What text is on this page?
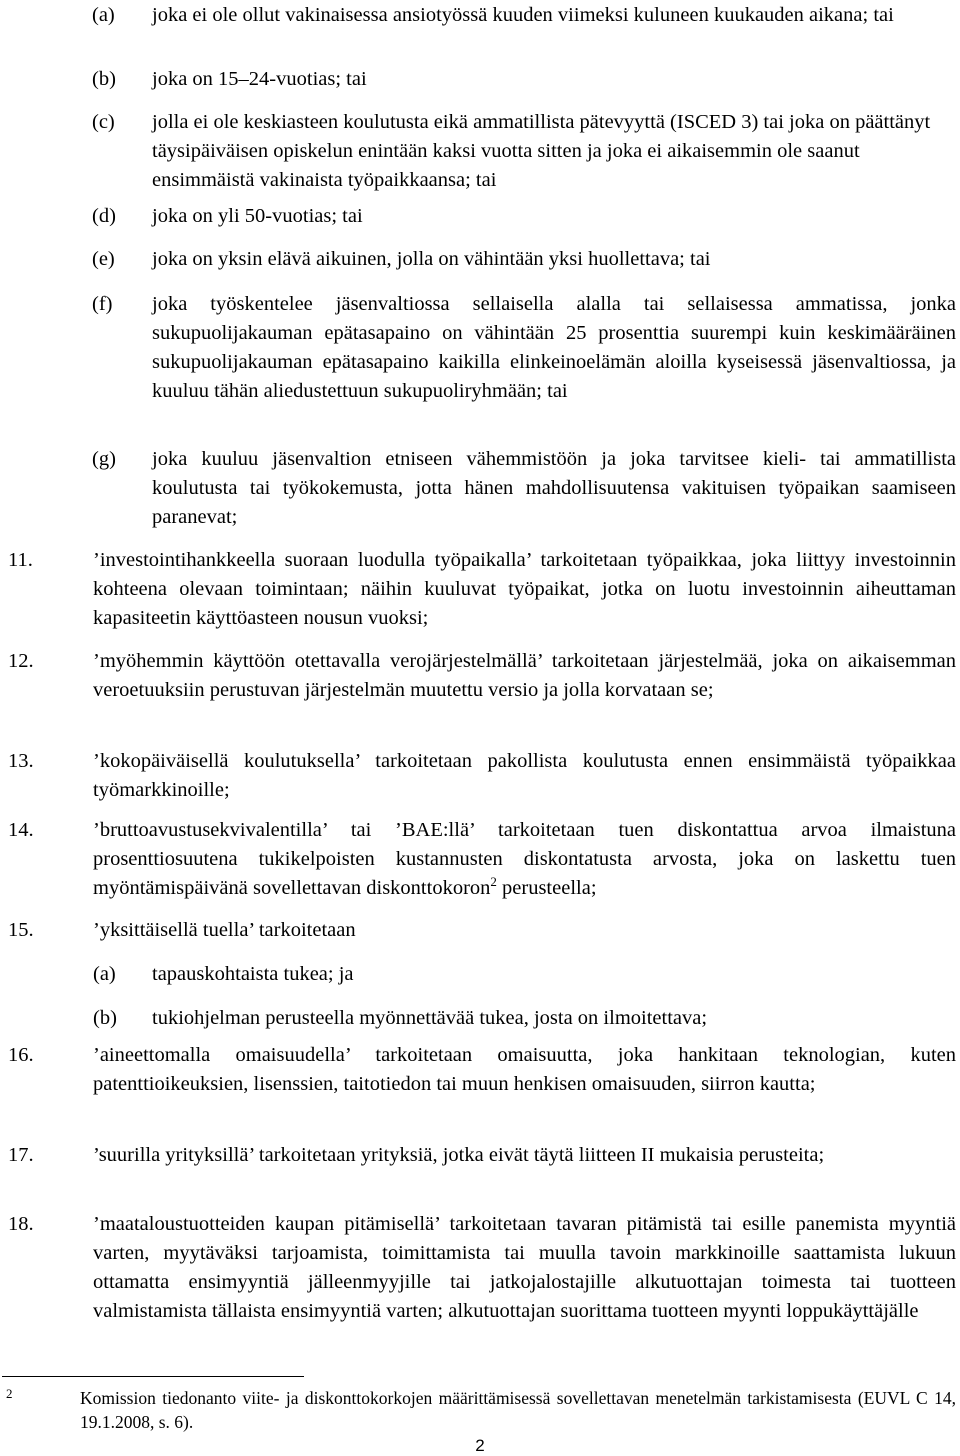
(a) joka ei ole ollut vakinaisessa ansiotyössä kuuden viimeksi kuluneen kuukauden aikana; tai
(b) joka on 15–24-vuotias; tai
(c) jolla ei ole keskiasteen koulutusta eikä ammatillista pätevyyttä (ISCED 3) tai joka on päättänyt täysipäiväisen opiskelun enintään kaksi vuotta sitten ja joka ei aikaisemmin ole saanut ensimmäistä vakinaista työpaikkaansa; tai
(d) joka on yli 50-vuotias; tai
(e) joka on yksin elävä aikuinen, jolla on vähintään yksi huollettava; tai
(f) joka työskentelee jäsenvaltiossa sellaisella alalla tai sellaisessa ammatissa, jonka sukupuolijakauman epätasapaino on vähintään 25 prosenttia suurempi kuin keskimääräinen sukupuolijakauman epätasapaino kaikilla elinkeinoelämän aloilla kyseisessä jäsenvaltiossa, ja kuuluu tähän aliedustettuun sukupuoliryhmään; tai
(g) joka kuuluu jäsenvaltion etniseen vähemmistöön ja joka tarvitsee kieli- tai ammatillista koulutusta tai työkokemusta, jotta hänen mahdollisuutensa vakituisen työpaikan saamiseen paranevat;
11.	’investointihankkeella suoraan luodulla työpaikalla’ tarkoitetaan työpaikkaa, joka liittyy investoinnin kohteena olevaan toimintaan; näihin kuuluvat työpaikat, jotka on luotu investoinnin aiheuttaman kapasiteetin käyttöasteen nousun vuoksi;
12.	’myöhemmin käyttöön otettavalla verojärjestelmällä’ tarkoitetaan järjestelmää, joka on aikaisemman veroetuuksiin perustuvan järjestelmän muutettu versio ja jolla korvataan se;
13.	’kokopäiväisellä koulutuksella’ tarkoitetaan pakollista koulutusta ennen ensimmäistä työpaikkaa työmarkkinoille;
14.	’bruttoavustusekvivalentilla’ tai ’BAE:llä’ tarkoitetaan tuen diskontattua arvoa ilmaistuna prosenttiosuutena tukikelpoisten kustannusten diskontatusta arvosta, joka on laskettu tuen myöntämispäivänä sovellettavan diskonttokoron$^2$ perusteella;
15.	’yksittäisellä tuella’ tarkoitetaan
(a) tapauskohtaista tukea; ja
(b) tukiohjelman perusteella myönnettävää tukea, josta on ilmoitettava;
16.	’aineettomalla omaisuudella’ tarkoitetaan omaisuutta, joka hankitaan teknologian, kuten patenttioikeuksien, lisenssien, taitotiedon tai muun henkisen omaisuuden, siirron kautta;
17.	’suurilla yrityksillä’ tarkoitetaan yrityksiä, jotka eivät täytä liitteen II mukaisia perusteita;
18.	’maataloustuotteiden kaupan pitämisellä’ tarkoitetaan tavaran pitämistä tai esille panemista myyntiä varten, myytäväksi tarjoamista, toimittamista tai muulla tavoin markkinoille saattamista lukuun ottamatta ensimyyntiä jälleenmyyjille tai jatkojalostajille alkutuottajan toimesta tai tuotteen valmistamista tällaista ensimyyntiä varten; alkutuottajan suorittama tuotteen myynti loppukäyttäjälle
2	Komission tiedonanto viite- ja diskonttokorkojen määrittämisessä sovellettavan menetelmän tarkistamisesta (EUVL C 14, 19.1.2008, s. 6).
2
